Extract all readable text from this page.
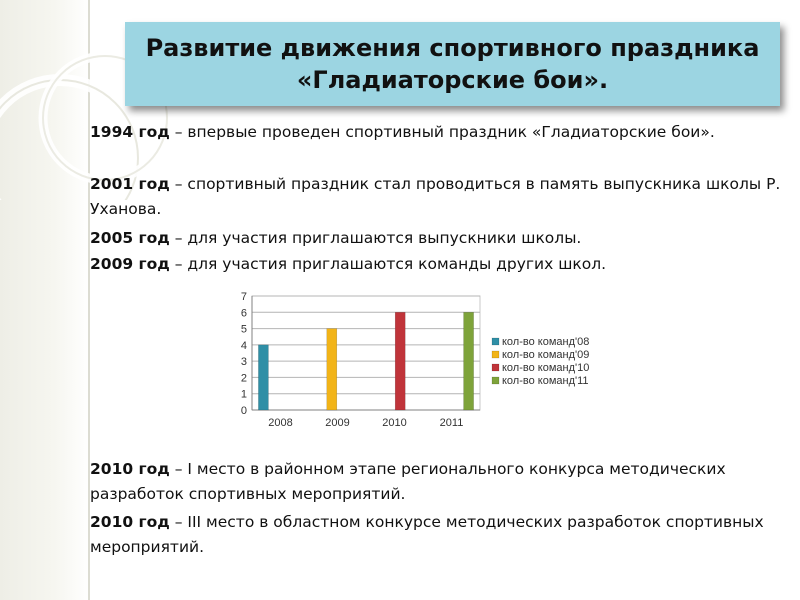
Развитие движения спортивного праздника «Гладиаторские бои».

1994 год – впервые проведен спортивный праздник «Гладиаторские бои».

2001 год – спортивный праздник стал проводиться в память выпускника школы Р. Уханова.

2005 год – для участия приглашаются выпускники школы.

2009 год – для участия приглашаются команды других школ.

0
1
2
3
4
5
6
7
2008	2009	2010	2011
кол-во команд'08
кол-во команд'09
кол-во команд'10
кол-во команд'11

2010 год – I место в районном этапе регионального конкурса методических разработок спортивных мероприятий.

2010 год – III место в областном конкурсе методических разработок спортивных мероприятий.
